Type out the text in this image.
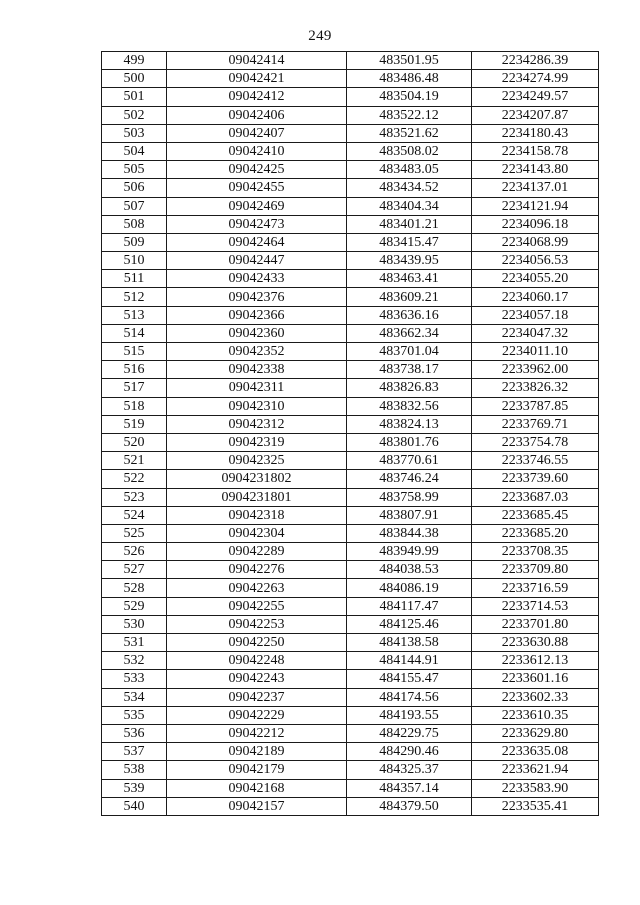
249
499	09042414	483501.95	2234286.39
500	09042421	483486.48	2234274.99
501	09042412	483504.19	2234249.57
502	09042406	483522.12	2234207.87
503	09042407	483521.62	2234180.43
504	09042410	483508.02	2234158.78
505	09042425	483483.05	2234143.80
506	09042455	483434.52	2234137.01
507	09042469	483404.34	2234121.94
508	09042473	483401.21	2234096.18
509	09042464	483415.47	2234068.99
510	09042447	483439.95	2234056.53
511	09042433	483463.41	2234055.20
512	09042376	483609.21	2234060.17
513	09042366	483636.16	2234057.18
514	09042360	483662.34	2234047.32
515	09042352	483701.04	2234011.10
516	09042338	483738.17	2233962.00
517	09042311	483826.83	2233826.32
518	09042310	483832.56	2233787.85
519	09042312	483824.13	2233769.71
520	09042319	483801.76	2233754.78
521	09042325	483770.61	2233746.55
522	0904231802	483746.24	2233739.60
523	0904231801	483758.99	2233687.03
524	09042318	483807.91	2233685.45
525	09042304	483844.38	2233685.20
526	09042289	483949.99	2233708.35
527	09042276	484038.53	2233709.80
528	09042263	484086.19	2233716.59
529	09042255	484117.47	2233714.53
530	09042253	484125.46	2233701.80
531	09042250	484138.58	2233630.88
532	09042248	484144.91	2233612.13
533	09042243	484155.47	2233601.16
534	09042237	484174.56	2233602.33
535	09042229	484193.55	2233610.35
536	09042212	484229.75	2233629.80
537	09042189	484290.46	2233635.08
538	09042179	484325.37	2233621.94
539	09042168	484357.14	2233583.90
540	09042157	484379.50	2233535.41
